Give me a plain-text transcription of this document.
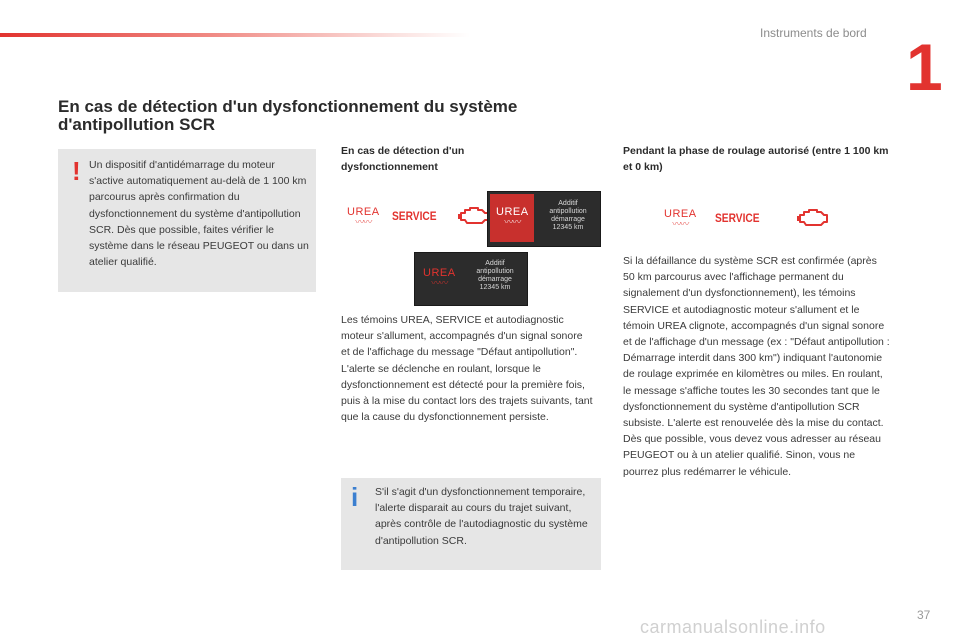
Instruments de bord 1
En cas de détection d'un dysfonctionnement du système d'antipollution SCR
! Un dispositif d'antidémarrage du moteur s'active automatiquement au-delà de 1 100 km parcourus après confirmation du dysfonctionnement du système d'antipollution SCR. Dès que possible, faites vérifier le système dans le réseau PEUGEOT ou dans un atelier qualifié.
En cas de détection d'un dysfonctionnement
UREA
〰〰 SERVICE	UREA
〰〰
Additif
antipollution
démarrage
12345 km
UREA
〰〰
Additif
antipollution
démarrage
12345 km
Les témoins UREA, SERVICE et autodiagnostic moteur s'allument, accompagnés d'un signal sonore et de l'affichage du message "Défaut antipollution". L'alerte se déclenche en roulant, lorsque le dysfonctionnement est détecté pour la première fois, puis à la mise du contact lors des trajets suivants, tant que la cause du dysfonctionnement persiste.
i S'il s'agit d'un dysfonctionnement temporaire, l'alerte disparait au cours du trajet suivant, après contrôle de l'autodiagnostic du système d'antipollution SCR.
Pendant la phase de roulage autorisé (entre 1 100 km et 0 km)
UREA
〰〰 SERVICE
Si la défaillance du système SCR est confirmée (après 50 km parcourus avec l'affichage permanent du signalement d'un dysfonctionnement), les témoins SERVICE et autodiagnostic moteur s'allument et le témoin UREA clignote, accompagnés d'un signal sonore et de l'affichage d'un message (ex : "Défaut antipollution : Démarrage interdit dans 300 km") indiquant l'autonomie de roulage exprimée en kilomètres ou miles. En roulant, le message s'affiche toutes les 30 secondes tant que le dysfonctionnement du système d'antipollution SCR subsiste. L'alerte est renouvelée dès la mise du contact. Dès que possible, vous devez vous adresser au réseau PEUGEOT ou à un atelier qualifié. Sinon, vous ne pourrez plus redémarrer le véhicule.
37
carmanualsonline.info
